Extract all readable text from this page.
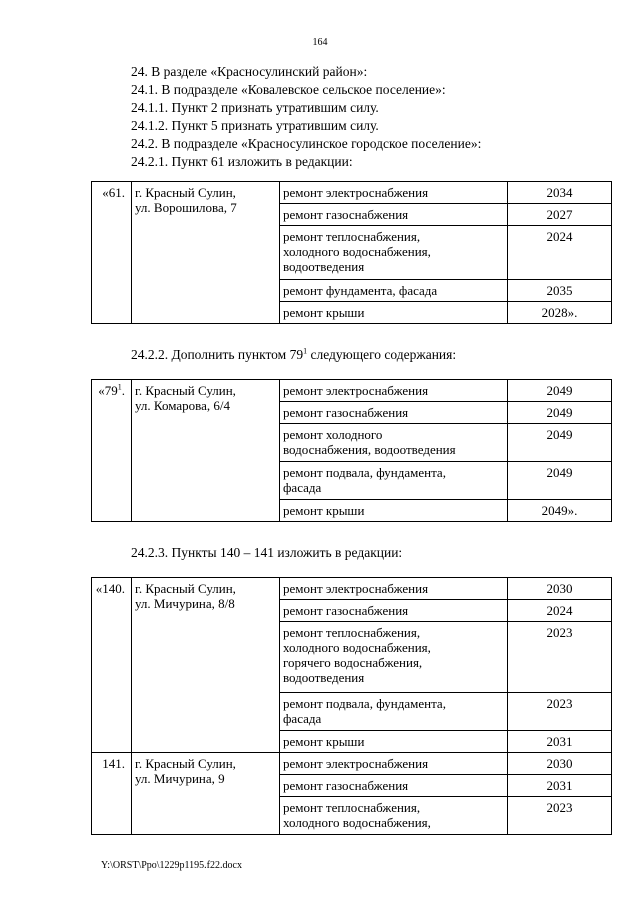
164
24. В разделе «Красносулинский район»:
24.1. В подразделе «Ковалевское сельское поселение»:
24.1.1. Пункт 2 признать утратившим силу.
24.1.2. Пункт 5 признать утратившим силу.
24.2. В подразделе «Красносулинское городское поселение»:
24.2.1. Пункт 61 изложить в редакции:
«61.	г. Красный Сулин,
ул. Ворошилова, 7	ремонт электроснабжения	2034

		ремонт газоснабжения	2027

		ремонт теплоснабжения,
холодного водоснабжения,
водоотведения	2024

		ремонт фундамента, фасада	2035

		ремонт крыши	2028».
24.2.2. Дополнить пунктом $79^1$ следующего содержания:
«$79^1$.	г. Красный Сулин,
ул. Комарова, 6/4	ремонт электроснабжения	2049

		ремонт газоснабжения	2049

		ремонт холодного
водоснабжения, водоотведения	2049

		ремонт подвала, фундамента,
фасада	2049

		ремонт крыши	2049».
24.2.3. Пункты 140 – 141 изложить в редакции:
«140.	г. Красный Сулин,
ул. Мичурина, 8/8	ремонт электроснабжения	2030

		ремонт газоснабжения	2024

		ремонт теплоснабжения,
холодного водоснабжения,
горячего водоснабжения,
водоотведения	2023

		ремонт подвала, фундамента,
фасада	2023

		ремонт крыши	2031
141.	г. Красный Сулин,
ул. Мичурина, 9	ремонт электроснабжения	2030

		ремонт газоснабжения	2031

		ремонт теплоснабжения,
холодного водоснабжения,	2023
Y:\ORST\Ppo\1229p1195.f22.docx
